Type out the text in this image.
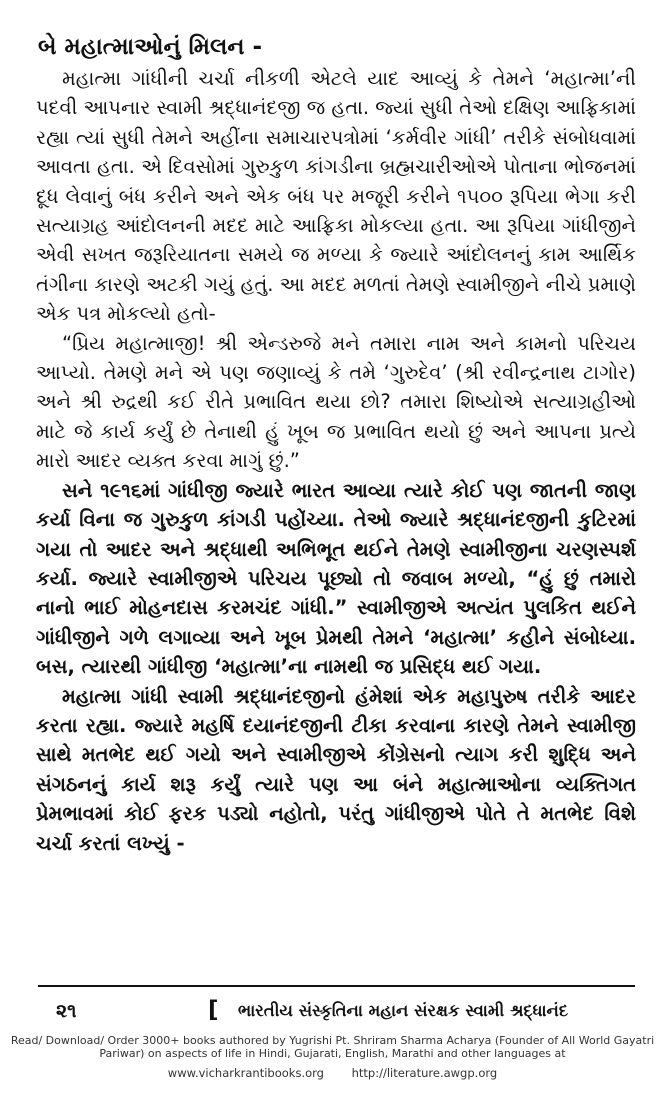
બે મહાત્માઓનું મિલન -

મહાત્મા ગાંધીની ચર્ચા નીકળી એટલે યાદ આવ્યું કે તેમને ‘મહાત્મા’ની પદવી આપનાર સ્વામી શ્રદ્ધાનંદજી જ હતા. જ્યાં સુધી તેઓ દક્ષિણ આફ્રિકામાં રહ્યા ત્યાં સુધી તેમને અહીંના સમાચારપત્રોમાં ‘કર્મવીર ગાંધી’ તરીકે સંબોધવામાં આવતા હતા. એ દિવસોમાં ગુરુકુળ કાંગડીના બ્રહ્મચારીઓએ પોતાના ભોજનમાં દૂધ લેવાનું બંધ કરીને અને એક બંધ પર મજૂરી કરીને ૧૫૦૦ રૂપિયા ભેગા કરી સત્યાગ્રહ આંદોલનની મદદ માટે આફ્રિકા મોકલ્યા હતા. આ રૂપિયા ગાંધીજીને એવી સખત જરૂરિયાતના સમયે જ મળ્યા કે જ્યારે આંદોલનનું કામ આર્થિક તંગીના કારણે અટકી ગયું હતું. આ મદદ મળતાં તેમણે સ્વામીજીને નીચે પ્રમાણે એક પત્ર મોકલ્યો હતો-

“પ્રિય મહાત્માજી! શ્રી એન્ડરુજે મને તમારા નામ અને કામનો પરિચય આપ્યો. તેમણે મને એ પણ જણાવ્યું કે તમે ‘ગુરુદેવ’ (શ્રી રવીન્દ્રનાથ ટાગોર) અને શ્રી રુદ્રથી કઈ રીતે પ્રભાવિત થયા છો? તમારા શિષ્યોએ સત્યાગ્રહીઓ માટે જે કાર્ય કર્યું છે તેનાથી હું ખૂબ જ પ્રભાવિત થયો છું અને આપના પ્રત્યે મારો આદર વ્યક્ત કરવા માગું છું.”

સને ૧૯૧૬માં ગાંધીજી જ્યારે ભારત આવ્યા ત્યારે કોઈ પણ જાતની જાણ કર્યા વિના જ ગુરુકુળ કાંગડી પહોંચ્યા. તેઓ જ્યારે શ્રદ્ધાનંદજીની કુટિરમાં ગયા તો આદર અને શ્રદ્ધાથી અભિભૂત થઈને તેમણે સ્વામીજીના ચરણસ્પર્શ કર્યા. જ્યારે સ્વામીજીએ પરિચય પૂછ્યો તો જવાબ મળ્યો, “હું છું તમારો નાનો ભાઈ મોહનદાસ કરમચંદ ગાંધી.” સ્વામીજીએ અત્યંત પુલકિત થઈને ગાંધીજીને ગળે લગાવ્યા અને ખૂબ પ્રેમથી તેમને ‘મહાત્મા’ કહીને સંબોધ્યા. બસ, ત્યારથી ગાંધીજી ‘મહાત્મા’ના નામથી જ પ્રસિદ્ધ થઈ ગયા.

મહાત્મા ગાંધી સ્વામી શ્રદ્ધાનંદજીનો હંમેશાં એક મહાપુરુષ તરીકે આદર કરતા રહ્યા. જ્યારે મહર્ષિ દયાનંદજીની ટીકા કરવાના કારણે તેમને સ્વામીજી સાથે મતભેદ થઈ ગયો અને સ્વામીજીએ કોંગ્રેસનો ત્યાગ કરી શુદ્ધિ અને સંગઠનનું કાર્ય શરૂ કર્યું ત્યારે પણ આ બંને મહાત્માઓના વ્યક્તિગત પ્રેમભાવમાં કોઈ ફરક પડ્યો નહોતો, પરંતુ ગાંધીજીએ પોતે તે મતભેદ વિશે ચર્ચા કરતાં લખ્યું -

૨૧	[ ભારતીય સંસ્કૃતિના મહાન સંરક્ષક સ્વામી શ્રદ્ધાનંદ
Read/ Download/ Order 3000+ books authored by Yugrishi Pt. Shriram Sharma Acharya (Founder of All World Gayatri Pariwar) on aspects of life in Hindi, Gujarati, English, Marathi and other languages at
www.vicharkrantibooks.org http://literature.awgp.org
